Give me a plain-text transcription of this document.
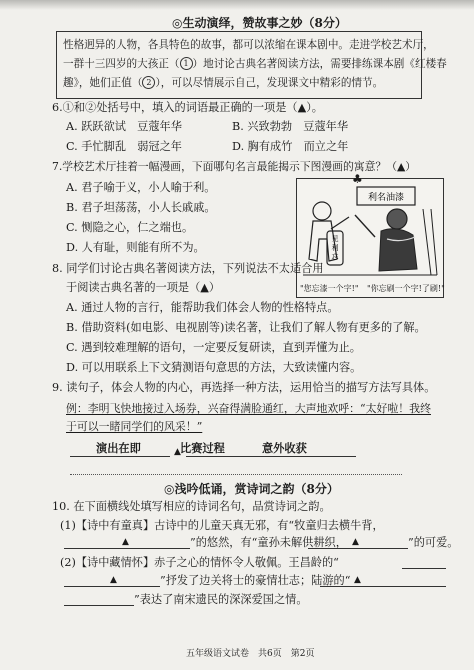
◎生动演绎，赞故事之妙（8分）
性格迥异的人物，各具特色的故事，都可以浓缩在课本剧中。走进学校艺术厅，
一群十三四岁的大孩正（ 1 ）地讨论古典名著阅读方法，需要排练课本剧《红楼春
趣》，她们正值（ 2 ），可以尽情展示自己，发现课文中精彩的情节。
6.①和②处括号中，填入的词语最正确的一项是（▲）。
A. 跃跃欲试　豆蔻年华	B. 兴致勃勃　豆蔻年华
C. 手忙脚乱　弱冠之年	D. 胸有成竹　而立之年
7.学校艺术厅挂着一幅漫画，下面哪句名言最能揭示下图漫画的寓意？（▲）
A. 君子喻于义，小人喻于利。
B. 君子坦荡荡，小人长戚戚。
C. 恻隐之心，仁之端也。
D. 人有耻，则能有所不为。
利名油漆
见
利
忘
"您忘漆一个字!" "你忘刷一个字!了刷!"
♣
8. 同学们讨论古典名著阅读方法，下列说法不太适合用
于阅读古典名著的一项是（▲）
A. 通过人物的言行，能帮助我们体会人物的性格特点。
B. 借助资料(如电影、电视剧等)读名著，让我们了解人物有更多的了解。
C. 遇到较难理解的语句，一定要反复研读，直到弄懂为止。
D. 可以用联系上下文猜测语句意思的方法，大致读懂内容。
9. 读句子，体会人物的内心，再选择一种方法，运用恰当的描写方法写具体。
例：李明飞快地接过入场券，兴奋得满脸通红，大声地欢呼：“太好啦！我终
于可以一睹同学们的风采！”
演出在即	比赛过程	意外收获
▲
◎浅吟低诵，赏诗词之韵（8分）
10. 在下面横线处填写相应的诗词名句，品赏诗词之韵。
(1)【诗中有童真】古诗中的儿童天真无邪，有“牧童归去横牛背，
▲	”的悠然，有“童孙未解供耕织， ▲	”的可爱。
(2)【诗中藏情怀】赤子之心的情怀令人敬佩。王昌龄的“
▲	”抒发了边关将士的豪情壮志；陆游的“ ▲
”表达了南宋遗民的深深爱国之情。
五年级语文试卷　共6页　第2页
